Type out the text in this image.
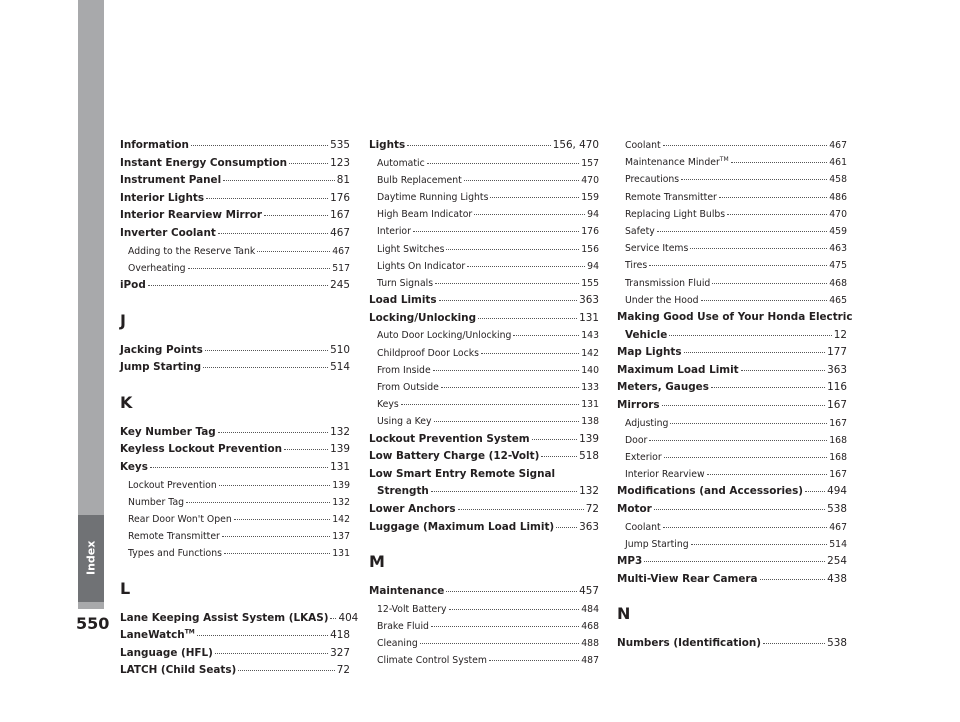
Index
550
Information	535
Instant Energy Consumption	123
Instrument Panel	81
Interior Lights	176
Interior Rearview Mirror	167
Inverter Coolant	467
Adding to the Reserve Tank	467
Overheating	517
iPod	245
J
Jacking Points	510
Jump Starting	514
K
Key Number Tag	132
Keyless Lockout Prevention	139
Keys	131
Lockout Prevention	139
Number Tag	132
Rear Door Won't Open	142
Remote Transmitter	137
Types and Functions	131
L
Lane Keeping Assist System (LKAS) 404
LaneWatch™	418
Language (HFL)	327
LATCH (Child Seats)	72
Lights	156, 470
Automatic	157
Bulb Replacement	470
Daytime Running Lights	159
High Beam Indicator	94
Interior	176
Light Switches	156
Lights On Indicator	94
Turn Signals	155
Load Limits	363
Locking/Unlocking	131
Auto Door Locking/Unlocking	143
Childproof Door Locks	142
From Inside	140
From Outside	133
Keys	131
Using a Key	138
Lockout Prevention System	139
Low Battery Charge (12-Volt)	518
Low Smart Entry Remote Signal
Strength	132
Lower Anchors	72
Luggage (Maximum Load Limit) 363
M
Maintenance	457
12-Volt Battery	484
Brake Fluid	468
Cleaning	488
Climate Control System	487
Coolant	467
Maintenance Minder™	461
Precautions	458
Remote Transmitter	486
Replacing Light Bulbs	470
Safety	459
Service Items	463
Tires	475
Transmission Fluid	468
Under the Hood	465
Making Good Use of Your Honda Electric
Vehicle	12
Map Lights	177
Maximum Load Limit	363
Meters, Gauges	116
Mirrors	167
Adjusting	167
Door	168
Exterior	168
Interior Rearview	167
Modifications (and Accessories) 494
Motor	538
Coolant	467
Jump Starting	514
MP3	254
Multi-View Rear Camera	438
N
Numbers (Identification)	538
